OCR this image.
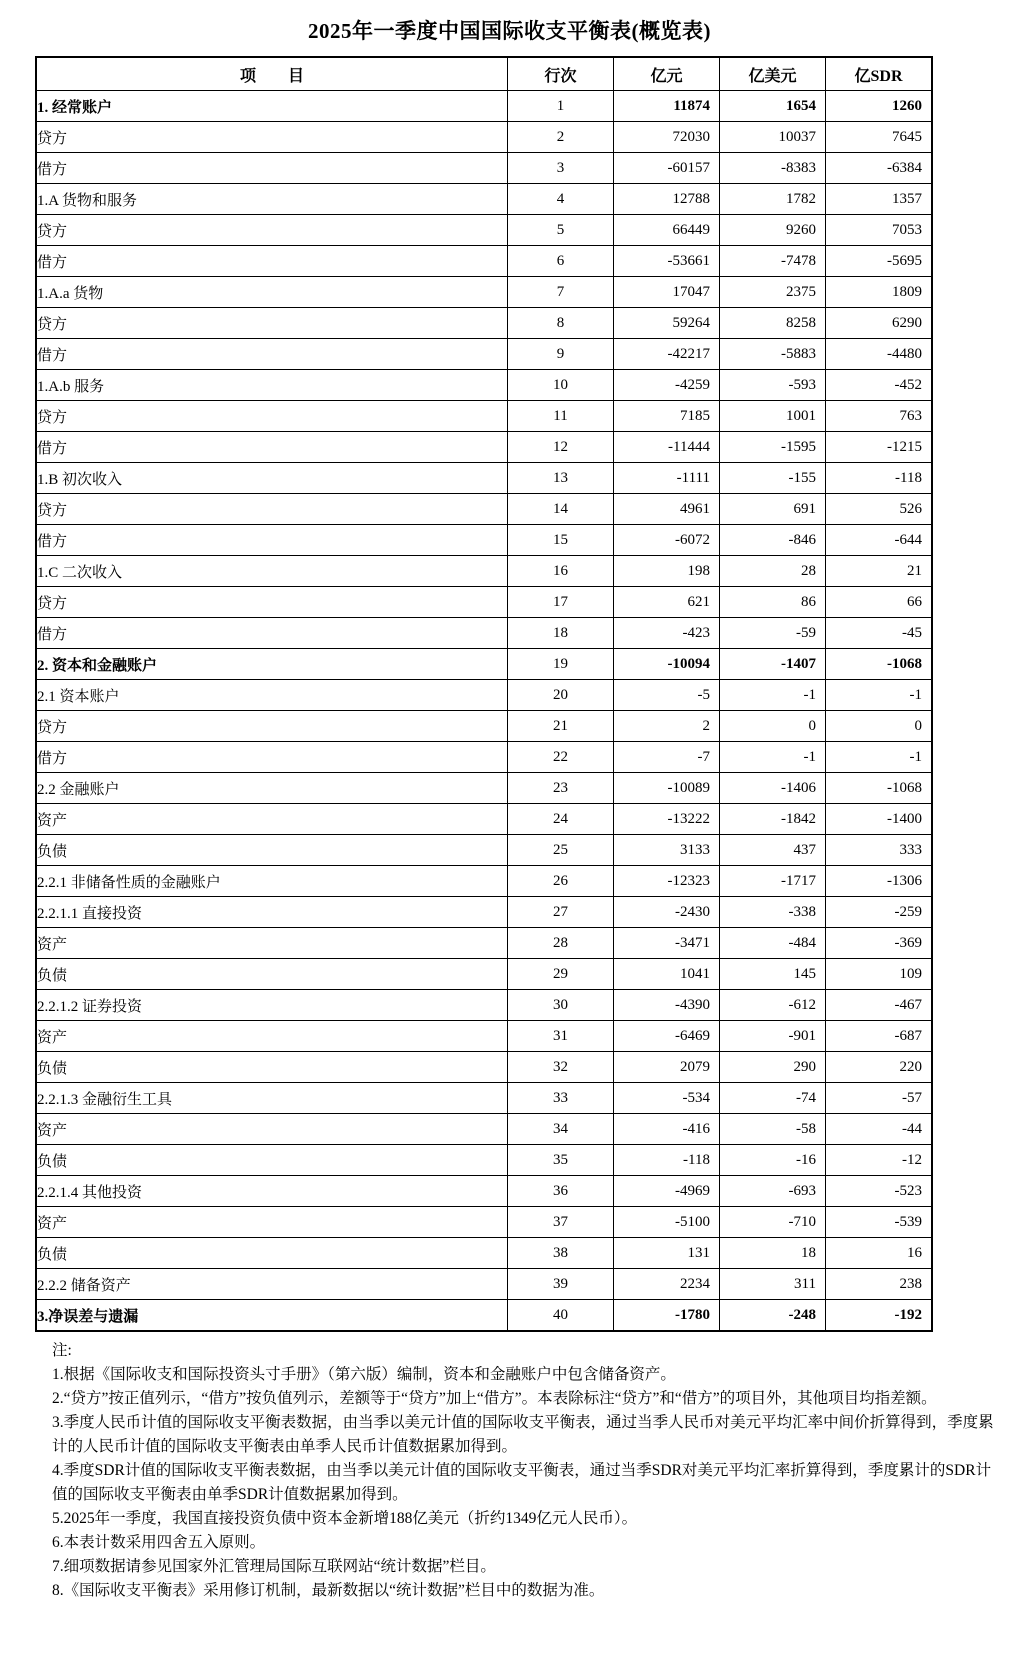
2025年一季度中国国际收支平衡表(概览表)
项　　目	行次	亿元	亿美元	亿SDR
1. 经常账户	1	11874	1654	1260
贷方	2	72030	10037	7645
借方	3	-60157	-8383	-6384
1.A 货物和服务	4	12788	1782	1357
贷方	5	66449	9260	7053
借方	6	-53661	-7478	-5695
1.A.a 货物	7	17047	2375	1809
贷方	8	59264	8258	6290
借方	9	-42217	-5883	-4480
1.A.b 服务	10	-4259	-593	-452
贷方	11	7185	1001	763
借方	12	-11444	-1595	-1215
1.B 初次收入	13	-1111	-155	-118
贷方	14	4961	691	526
借方	15	-6072	-846	-644
1.C 二次收入	16	198	28	21
贷方	17	621	86	66
借方	18	-423	-59	-45
2. 资本和金融账户	19	-10094	-1407	-1068
2.1 资本账户	20	-5	-1	-1
贷方	21	2	0	0
借方	22	-7	-1	-1
2.2 金融账户	23	-10089	-1406	-1068
资产	24	-13222	-1842	-1400
负债	25	3133	437	333
2.2.1 非储备性质的金融账户	26	-12323	-1717	-1306
2.2.1.1 直接投资	27	-2430	-338	-259
资产	28	-3471	-484	-369
负债	29	1041	145	109
2.2.1.2 证券投资	30	-4390	-612	-467
资产	31	-6469	-901	-687
负债	32	2079	290	220
2.2.1.3 金融衍生工具	33	-534	-74	-57
资产	34	-416	-58	-44
负债	35	-118	-16	-12
2.2.1.4 其他投资	36	-4969	-693	-523
资产	37	-5100	-710	-539
负债	38	131	18	16
2.2.2 储备资产	39	2234	311	238
3.净误差与遗漏	40	-1780	-248	-192
注:
1.根据《国际收支和国际投资头寸手册》（第六版）编制，资本和金融账户中包含储备资产。
2.“贷方”按正值列示，“借方”按负值列示，差额等于“贷方”加上“借方”。本表除标注“贷方”和“借方”的项目外，其他项目均指差额。
3.季度人民币计值的国际收支平衡表数据，由当季以美元计值的国际收支平衡表，通过当季人民币对美元平均汇率中间价折算得到，季度累计的人民币计值的国际收支平衡表由单季人民币计值数据累加得到。
4.季度SDR计值的国际收支平衡表数据，由当季以美元计值的国际收支平衡表，通过当季SDR对美元平均汇率折算得到，季度累计的SDR计值的国际收支平衡表由单季SDR计值数据累加得到。
5.2025年一季度，我国直接投资负债中资本金新增188亿美元（折约1349亿元人民币）。
6.本表计数采用四舍五入原则。
7.细项数据请参见国家外汇管理局国际互联网站“统计数据”栏目。
8.《国际收支平衡表》采用修订机制，最新数据以“统计数据”栏目中的数据为准。
